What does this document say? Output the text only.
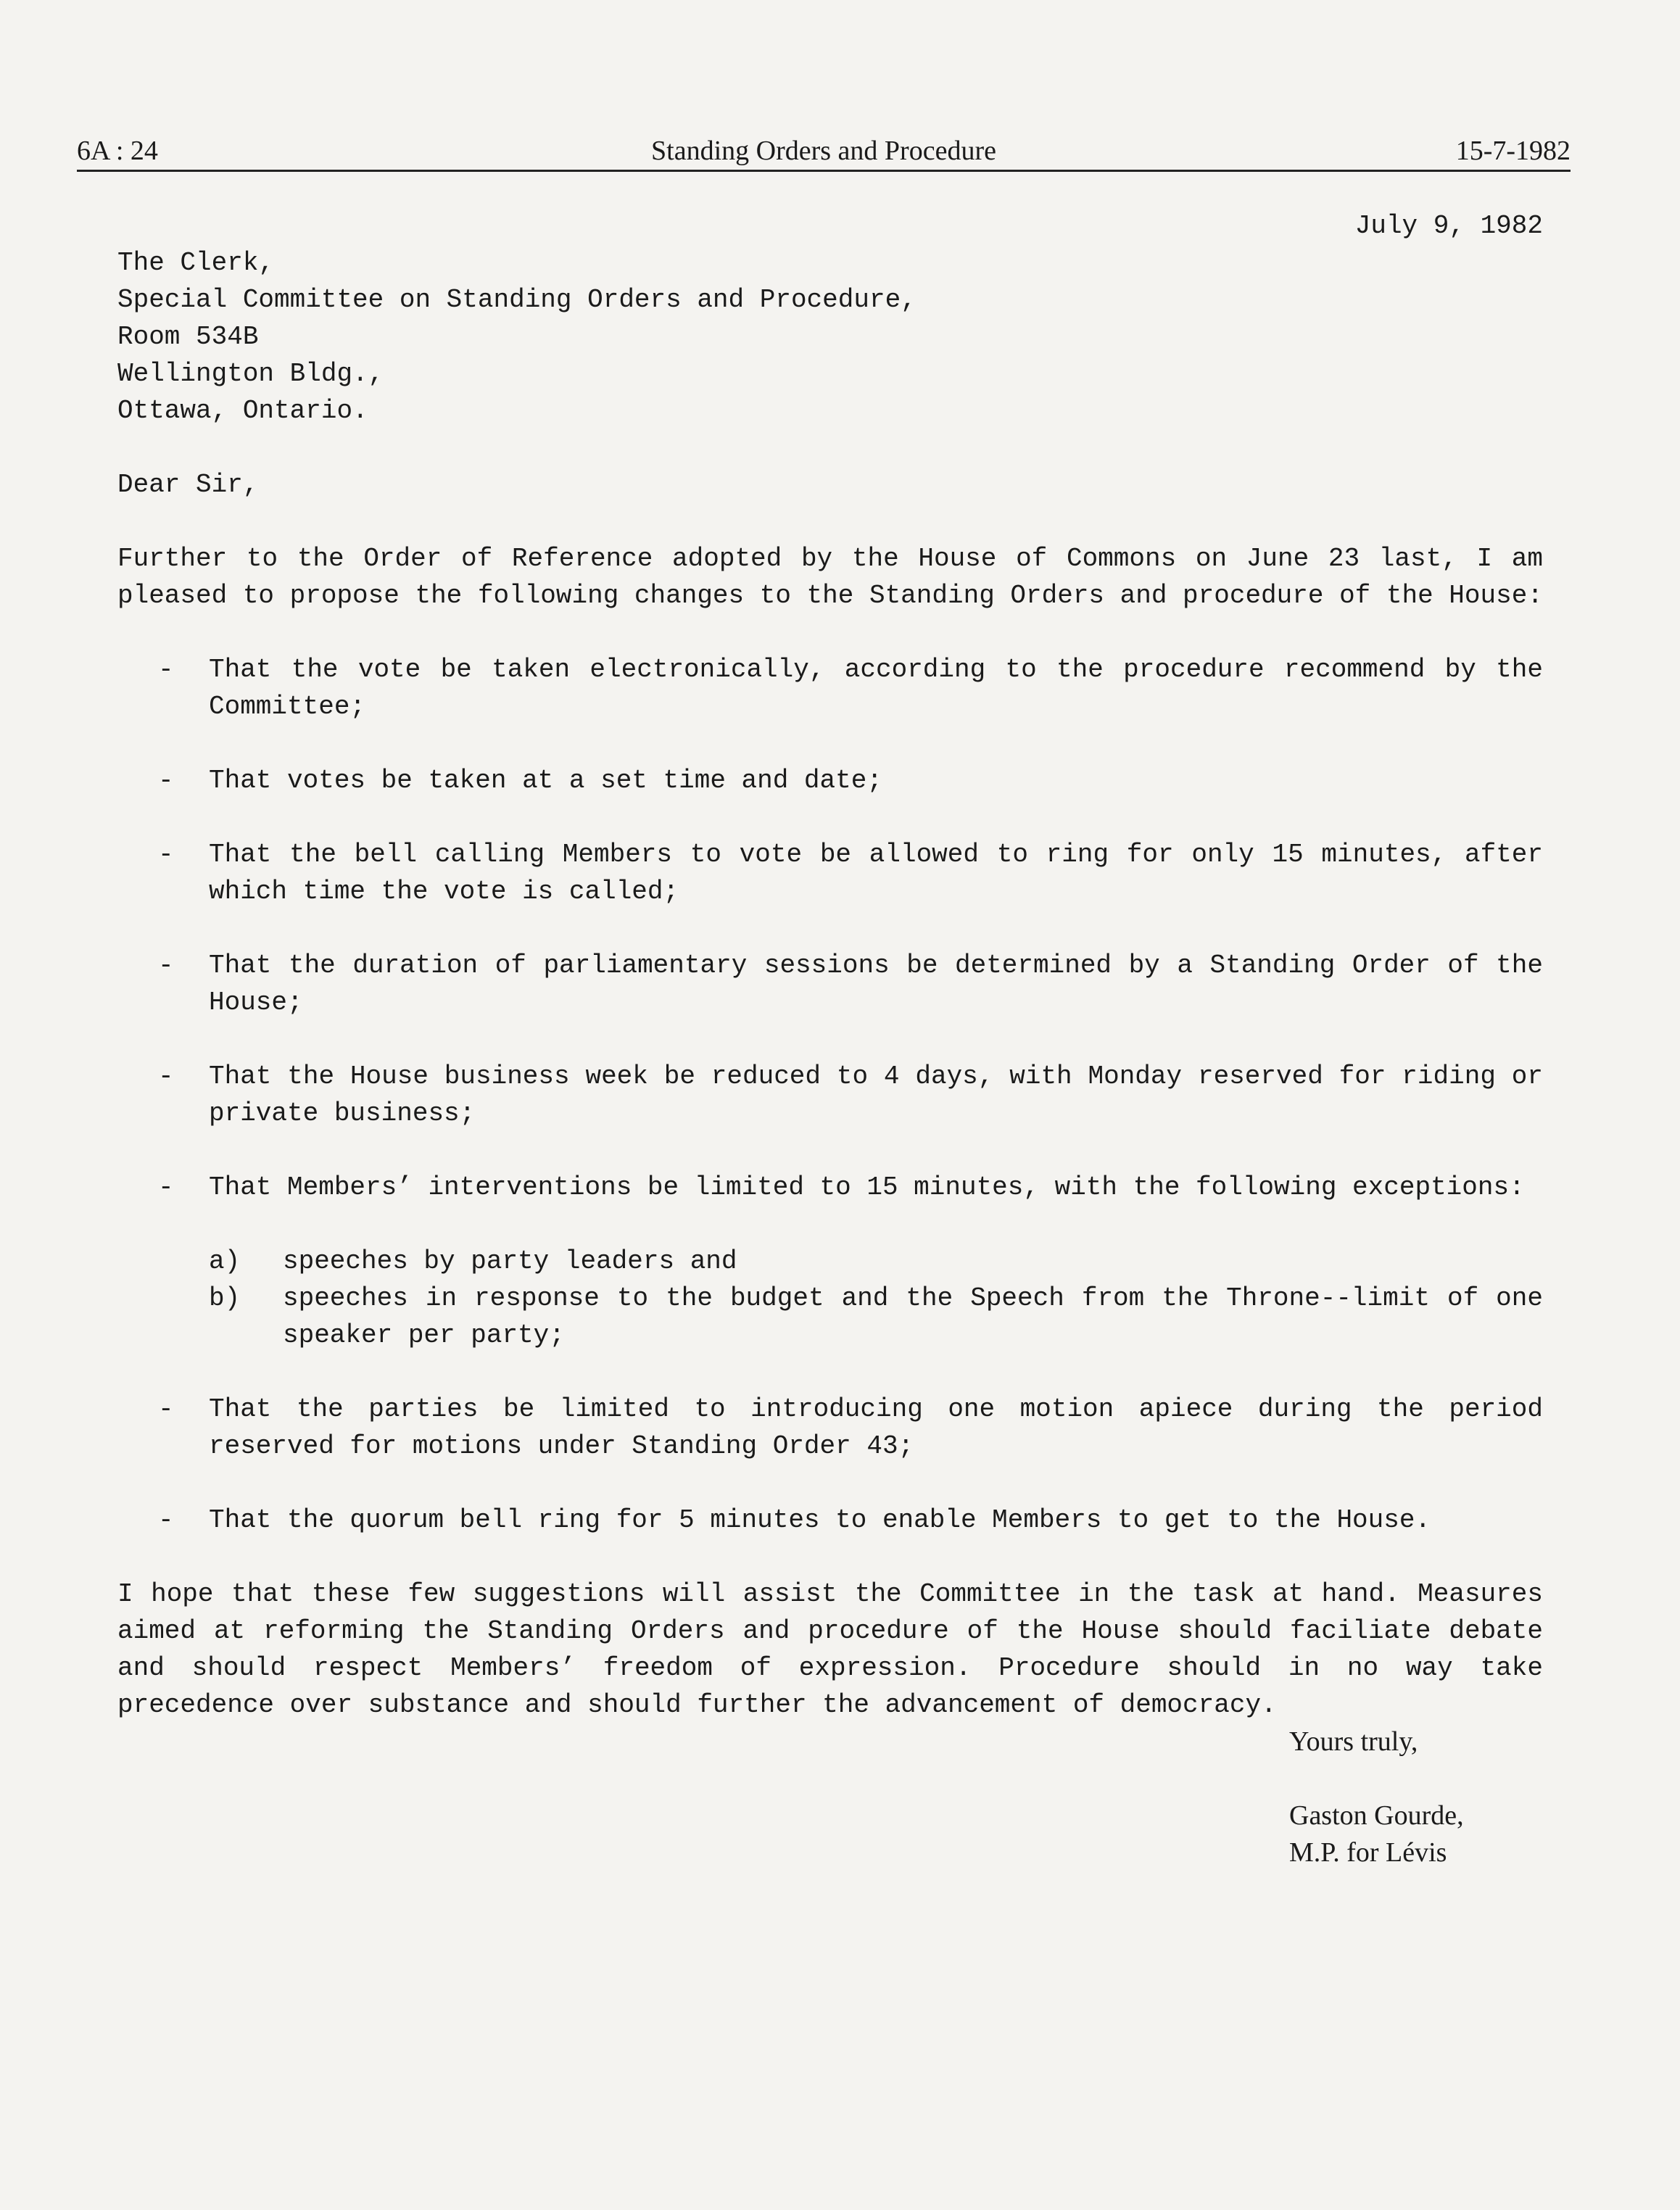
6A : 24	Standing Orders and Procedure	15-7-1982
July 9, 1982
The Clerk,
Special Committee on Standing Orders and Procedure,
Room 534B
Wellington Bldg.,
Ottawa, Ontario.
Dear Sir,
Further to the Order of Reference adopted by the House of Commons on June 23 last, I am pleased to propose the following changes to the Standing Orders and procedure of the House:
- That the vote be taken electronically, according to the procedure recommend by the Committee;
- That votes be taken at a set time and date;
- That the bell calling Members to vote be allowed to ring for only 15 minutes, after which time the vote is called;
- That the duration of parliamentary sessions be determined by a Standing Order of the House;
- That the House business week be reduced to 4 days, with Monday reserved for riding or private business;
- That Members’ interventions be limited to 15 minutes, with the following exceptions:
a) speeches by party leaders and
b) speeches in response to the budget and the Speech from the Throne--limit of one speaker per party;
- That the parties be limited to introducing one motion apiece during the period reserved for motions under Standing Order 43;
- That the quorum bell ring for 5 minutes to enable Members to get to the House.
I hope that these few suggestions will assist the Committee in the task at hand. Measures aimed at reforming the Standing Orders and procedure of the House should faciliate debate and should respect Members’ freedom of expression. Procedure should in no way take precedence over substance and should further the advancement of democracy.
Yours truly,
Gaston Gourde,
M.P. for Lévis
